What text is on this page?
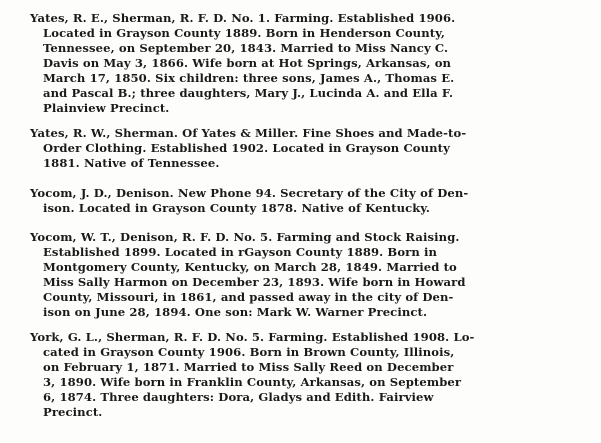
Yates, R. E., Sherman, R. F. D. No. 1. Farming. Established 1906.
Located in Grayson County 1889. Born in Henderson County,
Tennessee, on September 20, 1843. Married to Miss Nancy C.
Davis on May 3, 1866. Wife born at Hot Springs, Arkansas, on
March 17, 1850. Six children: three sons, James A., Thomas E.
and Pascal B.; three daughters, Mary J., Lucinda A. and Ella F.
Plainview Precinct.
Yates, R. W., Sherman. Of Yates & Miller. Fine Shoes and Made-to-
Order Clothing. Established 1902. Located in Grayson County
1881. Native of Tennessee.
Yocom, J. D., Denison. New Phone 94. Secretary of the City of Den-
ison. Located in Grayson County 1878. Native of Kentucky.
Yocom, W. T., Denison, R. F. D. No. 5. Farming and Stock Raising.
Established 1899. Located in rGayson County 1889. Born in
Montgomery County, Kentucky, on March 28, 1849. Married to
Miss Sally Harmon on December 23, 1893. Wife born in Howard
County, Missouri, in 1861, and passed away in the city of Den-
ison on June 28, 1894. One son: Mark W. Warner Precinct.
York, G. L., Sherman, R. F. D. No. 5. Farming. Established 1908. Lo-
cated in Grayson County 1906. Born in Brown County, Illinois,
on February 1, 1871. Married to Miss Sally Reed on December
3, 1890. Wife born in Franklin County, Arkansas, on September
6, 1874. Three daughters: Dora, Gladys and Edith. Fairview
Precinct.
